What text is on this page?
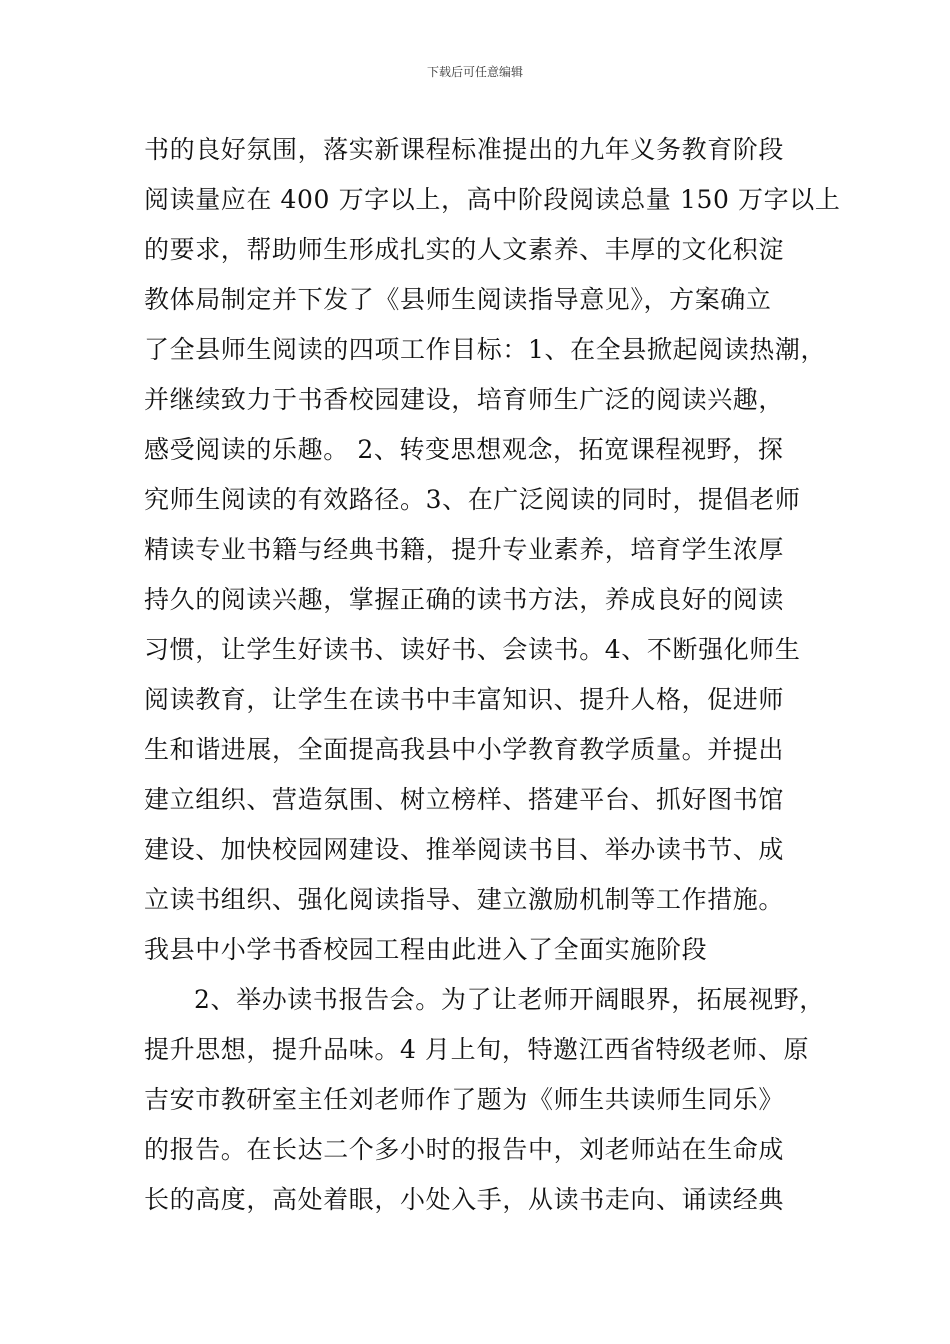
下载后可任意编辑
书的良好氛围，落实新课程标准提出的九年义务教育阶段
阅读量应在 400 万字以上，高中阶段阅读总量 150 万字以上
的要求，帮助师生形成扎实的人文素养、丰厚的文化积淀
教体局制定并下发了《县师生阅读指导意见》，方案确立
了全县师生阅读的四项工作目标：1、在全县掀起阅读热潮，
并继续致力于书香校园建设，培育师生广泛的阅读兴趣，
感受阅读的乐趣。 2、转变思想观念，拓宽课程视野，探
究师生阅读的有效路径。3、在广泛阅读的同时，提倡老师
精读专业书籍与经典书籍，提升专业素养，培育学生浓厚
持久的阅读兴趣，掌握正确的读书方法，养成良好的阅读
习惯，让学生好读书、读好书、会读书。4、不断强化师生
阅读教育，让学生在读书中丰富知识、提升人格，促进师
生和谐进展，全面提高我县中小学教育教学质量。并提出
建立组织、营造氛围、树立榜样、搭建平台、抓好图书馆
建设、加快校园网建设、推举阅读书目、举办读书节、成
立读书组织、强化阅读指导、建立激励机制等工作措施。
我县中小学书香校园工程由此进入了全面实施阶段
2、举办读书报告会。为了让老师开阔眼界，拓展视野，
提升思想，提升品味。4 月上旬，特邀江西省特级老师、原
吉安市教研室主任刘老师作了题为《师生共读师生同乐》
的报告。在长达二个多小时的报告中，刘老师站在生命成
长的高度，高处着眼，小处入手，从读书走向、诵读经典
